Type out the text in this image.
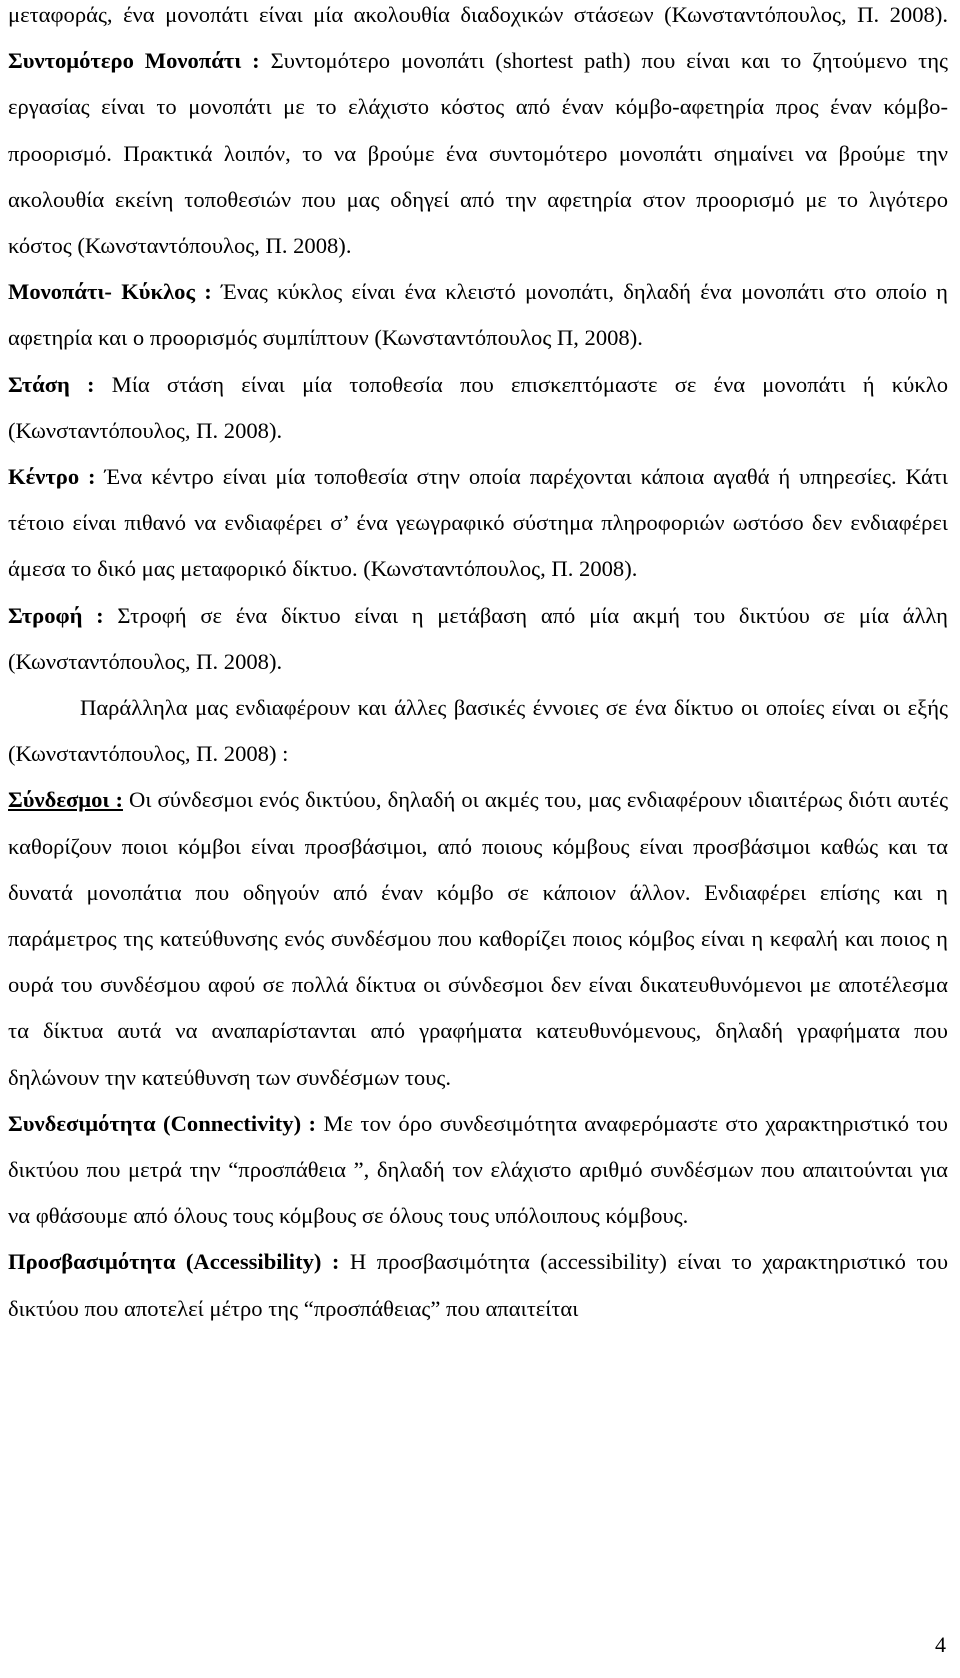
μεταφοράς, ένα μονοπάτι είναι μία ακολουθία διαδοχικών στάσεων (Κωνσταντόπουλος, Π. 2008).

Συντομότερο Μονοπάτι : Συντομότερο μονοπάτι (shortest path) που είναι και το ζητούμενο της εργασίας είναι το μονοπάτι με το ελάχιστο κόστος από έναν κόμβο-αφετηρία προς έναν κόμβο- προορισμό. Πρακτικά λοιπόν, το να βρούμε ένα συντομότερο μονοπάτι σημαίνει να βρούμε την ακολουθία εκείνη τοποθεσιών που μας οδηγεί από την αφετηρία στον προορισμό με το λιγότερο κόστος (Κωνσταντόπουλος, Π. 2008).

Μονοπάτι- Κύκλος : Ένας κύκλος είναι ένα κλειστό μονοπάτι, δηλαδή ένα μονοπάτι στο οποίο η αφετηρία και ο προορισμός συμπίπτουν (Κωνσταντόπουλος Π, 2008).

Στάση : Μία στάση είναι μία τοποθεσία που επισκεπτόμαστε σε ένα μονοπάτι ή κύκλο (Κωνσταντόπουλος, Π. 2008).

Κέντρο : Ένα κέντρο είναι μία τοποθεσία στην οποία παρέχονται κάποια αγαθά ή υπηρεσίες. Κάτι τέτοιο είναι πιθανό να ενδιαφέρει σ’ ένα γεωγραφικό σύστημα πληροφοριών ωστόσο δεν ενδιαφέρει άμεσα το δικό μας μεταφορικό δίκτυο. (Κωνσταντόπουλος, Π. 2008).

Στροφή : Στροφή σε ένα δίκτυο είναι η μετάβαση από μία ακμή του δικτύου σε μία άλλη (Κωνσταντόπουλος, Π. 2008).

Παράλληλα μας ενδιαφέρουν και άλλες βασικές έννοιες σε ένα δίκτυο οι οποίες είναι οι εξής (Κωνσταντόπουλος, Π. 2008) :

Σύνδεσμοι : Οι σύνδεσμοι ενός δικτύου, δηλαδή οι ακμές του, μας ενδιαφέρουν ιδιαιτέρως διότι αυτές καθορίζουν ποιοι κόμβοι είναι προσβάσιμοι, από ποιους κόμβους είναι προσβάσιμοι καθώς και τα δυνατά μονοπάτια που οδηγούν από έναν κόμβο σε κάποιον άλλον. Ενδιαφέρει επίσης και η παράμετρος της κατεύθυνσης ενός συνδέσμου που καθορίζει ποιος κόμβος είναι η κεφαλή και ποιος η ουρά του συνδέσμου αφού σε πολλά δίκτυα οι σύνδεσμοι δεν είναι δικατευθυνόμενοι με αποτέλεσμα τα δίκτυα αυτά να αναπαρίστανται από γραφήματα κατευθυνόμενους, δηλαδή γραφήματα που δηλώνουν την κατεύθυνση των συνδέσμων τους.

Συνδεσιμότητα (Connectivity) : Με τον όρο συνδεσιμότητα αναφερόμαστε στο χαρακτηριστικό του δικτύου που μετρά την “προσπάθεια ”, δηλαδή τον ελάχιστο αριθμό συνδέσμων που απαιτούνται για να φθάσουμε από όλους τους κόμβους σε όλους τους υπόλοιπους κόμβους.

Προσβασιμότητα (Accessibility) : Η προσβασιμότητα (accessibility) είναι το χαρακτηριστικό του δικτύου που αποτελεί μέτρο της “προσπάθειας” που απαιτείται

4
